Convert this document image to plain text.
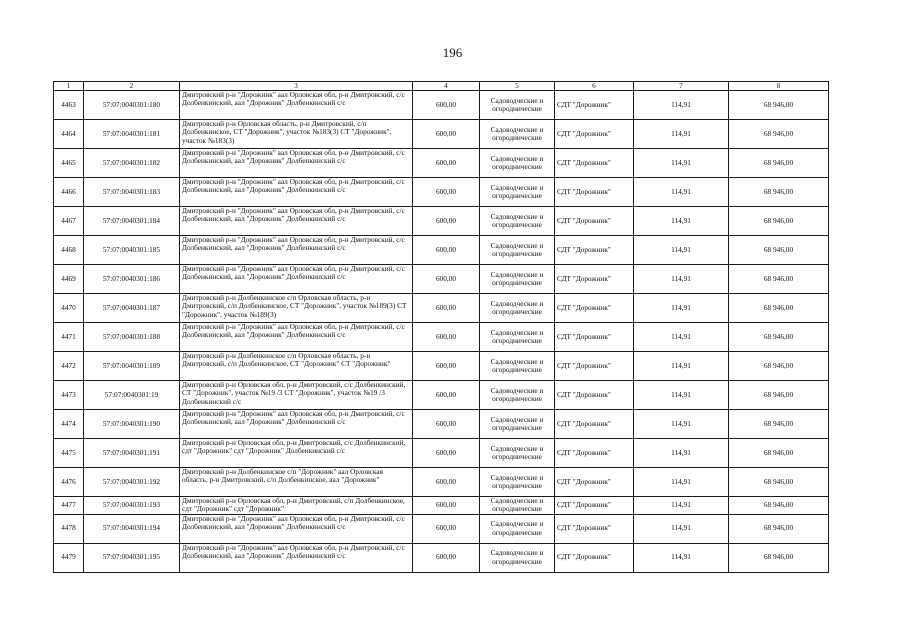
196
1	2	3	4	5	6	7	8
4463	57:07:0040301:180	Дмитровский р-н "Дорожник" аал Орловская обл, р-н Дмитровский, с/с Долбенкинский, аал "Дорожник" Долбенкинский с/с	600,00	Садоводческие и огороднические	СДТ "Дорожник"	114,91	68 946,00
4464	57:07:0040301:181	Дмитровский р-н Орловская область, р-н Дмитровский, с/п Долбенкинское, СТ "Дорожник", участок №183(3) СТ "Дорожник", участок №183(3)	600,00	Садоводческие и огороднические	СДТ "Дорожник"	114,91	68 946,00
4465	57:07:0040301:182	Дмитровский р-н "Дорожник" аал Орловская обл, р-н Дмитровский, с/с Долбенкинский, аал "Дорожник" Долбенкинский с/с	600,00	Садоводческие и огороднические	СДТ "Дорожник"	114,91	68 946,00
4466	57:07:0040301:183	Дмитровский р-н "Дорожник" аал Орловская обл, р-н Дмитровский, с/с Долбенкинский, аал "Дорожник" Долбенкинский с/с	600,00	Садоводческие и огороднические	СДТ "Дорожник"	114,91	68 946,00
4467	57:07:0040301:184	Дмитровский р-н "Дорожник" аал Орловская обл, р-н Дмитровский, с/с Долбенкинский, аал "Дорожник" Долбенкинский с/с	600,00	Садоводческие и огороднические	СДТ "Дорожник"	114,91	68 946,00
4468	57:07:0040301:185	Дмитровский р-н "Дорожник" аал Орловская обл, р-н Дмитровский, с/с Долбенкинский, аал "Дорожник" Долбенкинский с/с	600,00	Садоводческие и огороднические	СДТ "Дорожник"	114,91	68 946,00
4469	57:07:0040301:186	Дмитровский р-н "Дорожник" аал Орловская обл, р-н Дмитровский, с/с Долбенкинский, аал "Дорожник" Долбенкинский с/с	600,00	Садоводческие и огороднические	СДТ "Дорожник"	114,91	68 946,00
4470	57:07:0040301:187	Дмитровский р-н Долбенкинское с/п Орловская область, р-н Дмитровский, с/п Долбенкинское, СТ "Дорожник", участок №189(3) СТ "Дорожник", участок №189(3)	600,00	Садоводческие и огороднические	СДТ "Дорожник"	114,91	68 946,00
4471	57:07:0040301:188	Дмитровский р-н "Дорожник" аал Орловская обл, р-н Дмитровский, с/с Долбенкинский, аал "Дорожник" Долбенкинский с/с	600,00	Садоводческие и огороднические	СДТ "Дорожник"	114,91	68 946,00
4472	57:07:0040301:189	Дмитровский р-н Долбенкинское с/п Орловская область, р-н Дмитровский, с/п Долбенкинское, СТ "Дорожник" СТ "Дорожник"	600,00	Садоводческие и огороднические	СДТ "Дорожник"	114,91	68 946,00
4473	57:07:0040301:19	Дмитровский р-н Орловская обл, р-н Дмитровский, с/с Долбенкинский, СТ "Дорожник", участок №19 /3 СТ "Дорожник", участок №19 /3 Долбенкинский с/с	600,00	Садоводческие и огороднические	СДТ "Дорожник"	114,91	68 946,00
4474	57:07:0040301:190	Дмитровский р-н "Дорожник" аал Орловская обл, р-н Дмитровский, с/с Долбенкинский, аал "Дорожник" Долбенкинский с/с	600,00	Садоводческие и огороднические	СДТ "Дорожник"	114,91	68 946,00
4475	57:07:0040301:191	Дмитровский р-н Орловская обл, р-н Дмитровский, с/с Долбенкинский, сдт "Дорожник" сдт "Дорожник" Долбенкинский с/с	600,00	Садоводческие и огороднические	СДТ "Дорожник"	114,91	68 946,00
4476	57:07:0040301:192	Дмитровский р-н Долбенкинское с/п "Дорожник" аал Орловская область, р-н Дмитровский, с/п Долбенкинское, аал "Дорожник"	600,00	Садоводческие и огороднические	СДТ "Дорожник"	114,91	68 946,00
4477	57:07:0040301:193	Дмитровский р-н Орловская обл, р-н Дмитровский, с/п Долбенкинское, сдт "Дорожник" сдт "Дорожник"	600,00	Садоводческие и огороднические	СДТ "Дорожник"	114,91	68 946,00
4478	57:07:0040301:194	Дмитровский р-н "Дорожник" аал Орловская обл, р-н Дмитровский, с/с Долбенкинский, аал "Дорожник" Долбенкинский с/с	600,00	Садоводческие и огороднические	СДТ "Дорожник"	114,91	68 946,00
4479	57:07:0040301:195	Дмитровский р-н "Дорожник" аал Орловская обл, р-н Дмитровский, с/с Долбенкинский, аал "Дорожник" Долбенкинский с/с	600,00	Садоводческие и огороднические	СДТ "Дорожник"	114,91	68 946,00
